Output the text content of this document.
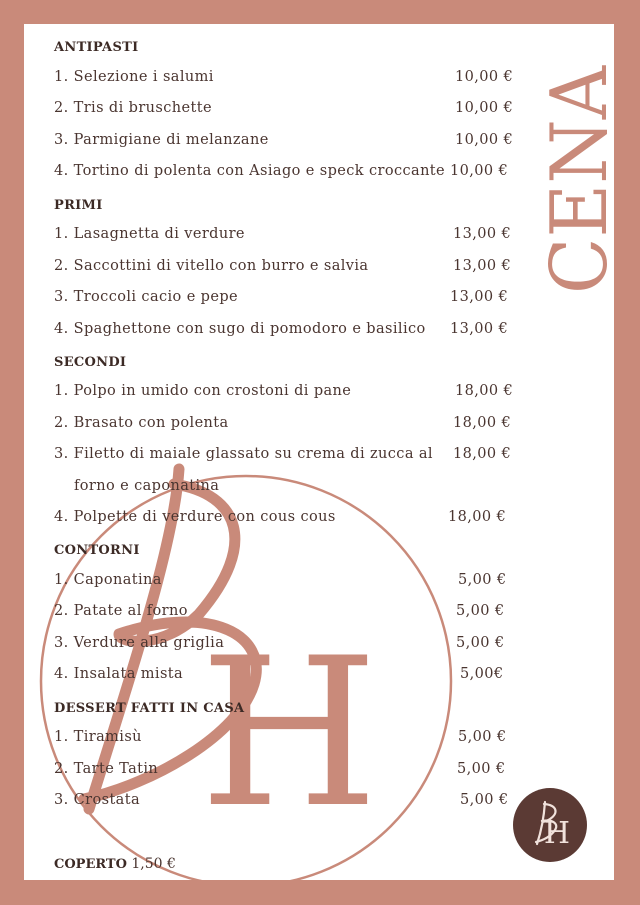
H
CENA
ANTIPASTI
1. Selezione i salumi	10,00 €
2. Tris di bruschette	10,00 €
3. Parmigiane di melanzane	10,00 €
4. Tortino di polenta con Asiago e speck croccante 10,00 €
PRIMI
1. Lasagnetta di verdure	13,00 €
2. Saccottini di vitello con burro e salvia	13,00 €
3. Troccoli cacio e pepe	13,00 €
4. Spaghettone con sugo di pomodoro e basilico 13,00 €
SECONDI
1. Polpo in umido con crostoni di pane	18,00 €
2. Brasato con polenta	18,00 €
3. Filetto di maiale glassato su crema di zucca al
forno e caponatina
18,00 €
4. Polpette di verdure con cous cous	18,00 €
CONTORNI
1. Caponatina	5,00 €
2. Patate al forno	5,00 €
3. Verdure alla griglia	5,00 €
4. Insalata mista	5,00€
DESSERT FATTI IN CASA
1. Tiramisù	5,00 €
2. Tarte Tatin	5,00 €
3. Crostata	5,00 €
COPERTO 1,50 €
H
